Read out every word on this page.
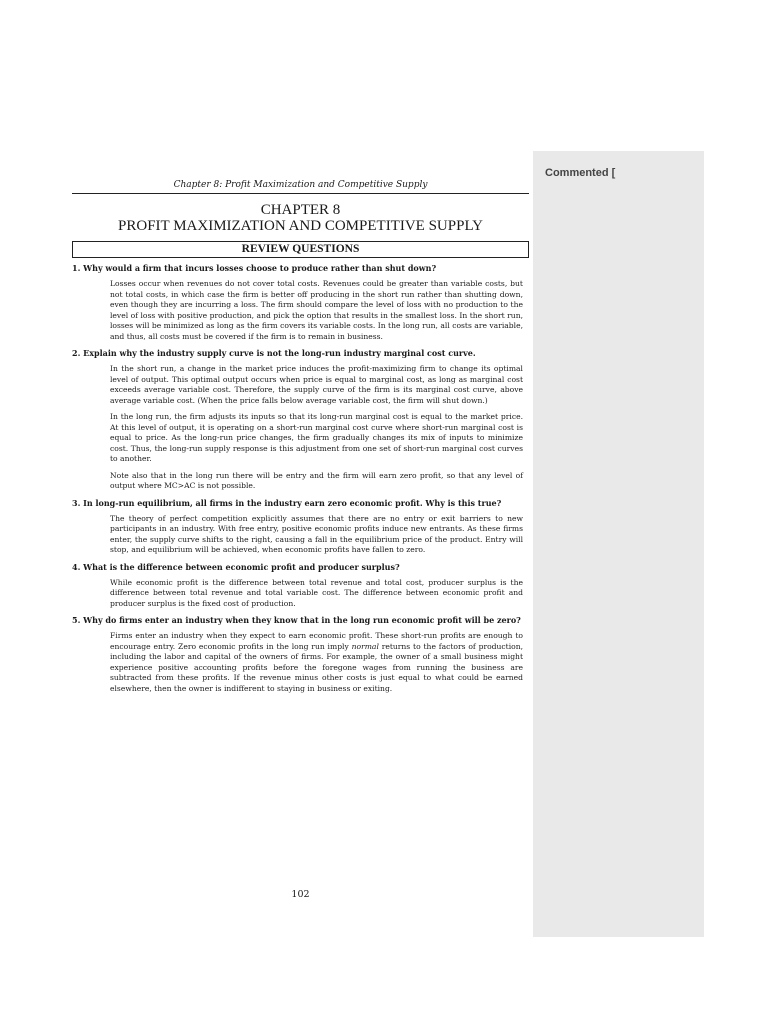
Commented [
Chapter 8: Profit Maximization and Competitive Supply
CHAPTER 8
PROFIT MAXIMIZATION AND COMPETITIVE SUPPLY
REVIEW QUESTIONS
1. Why would a firm that incurs losses choose to produce rather than shut down?
Losses occur when revenues do not cover total costs. Revenues could be greater than variable costs, but not total costs, in which case the firm is better off producing in the short run rather than shutting down, even though they are incurring a loss. The firm should compare the level of loss with no production to the level of loss with positive production, and pick the option that results in the smallest loss. In the short run, losses will be minimized as long as the firm covers its variable costs. In the long run, all costs are variable, and thus, all costs must be covered if the firm is to remain in business.
2. Explain why the industry supply curve is not the long-run industry marginal cost curve.
In the short run, a change in the market price induces the profit-maximizing firm to change its optimal level of output. This optimal output occurs when price is equal to marginal cost, as long as marginal cost exceeds average variable cost. Therefore, the supply curve of the firm is its marginal cost curve, above average variable cost. (When the price falls below average variable cost, the firm will shut down.)
In the long run, the firm adjusts its inputs so that its long-run marginal cost is equal to the market price. At this level of output, it is operating on a short-run marginal cost curve where short-run marginal cost is equal to price. As the long-run price changes, the firm gradually changes its mix of inputs to minimize cost. Thus, the long-run supply response is this adjustment from one set of short-run marginal cost curves to another.
Note also that in the long run there will be entry and the firm will earn zero profit, so that any level of output where MC>AC is not possible.
3. In long-run equilibrium, all firms in the industry earn zero economic profit. Why is this true?
The theory of perfect competition explicitly assumes that there are no entry or exit barriers to new participants in an industry. With free entry, positive economic profits induce new entrants. As these firms enter, the supply curve shifts to the right, causing a fall in the equilibrium price of the product. Entry will stop, and equilibrium will be achieved, when economic profits have fallen to zero.
4. What is the difference between economic profit and producer surplus?
While economic profit is the difference between total revenue and total cost, producer surplus is the difference between total revenue and total variable cost. The difference between economic profit and producer surplus is the fixed cost of production.
5. Why do firms enter an industry when they know that in the long run economic profit will be zero?
Firms enter an industry when they expect to earn economic profit. These short-run profits are enough to encourage entry. Zero economic profits in the long run imply normal returns to the factors of production, including the labor and capital of the owners of firms. For example, the owner of a small business might experience positive accounting profits before the foregone wages from running the business are subtracted from these profits. If the revenue minus other costs is just equal to what could be earned elsewhere, then the owner is indifferent to staying in business or exiting.
102
